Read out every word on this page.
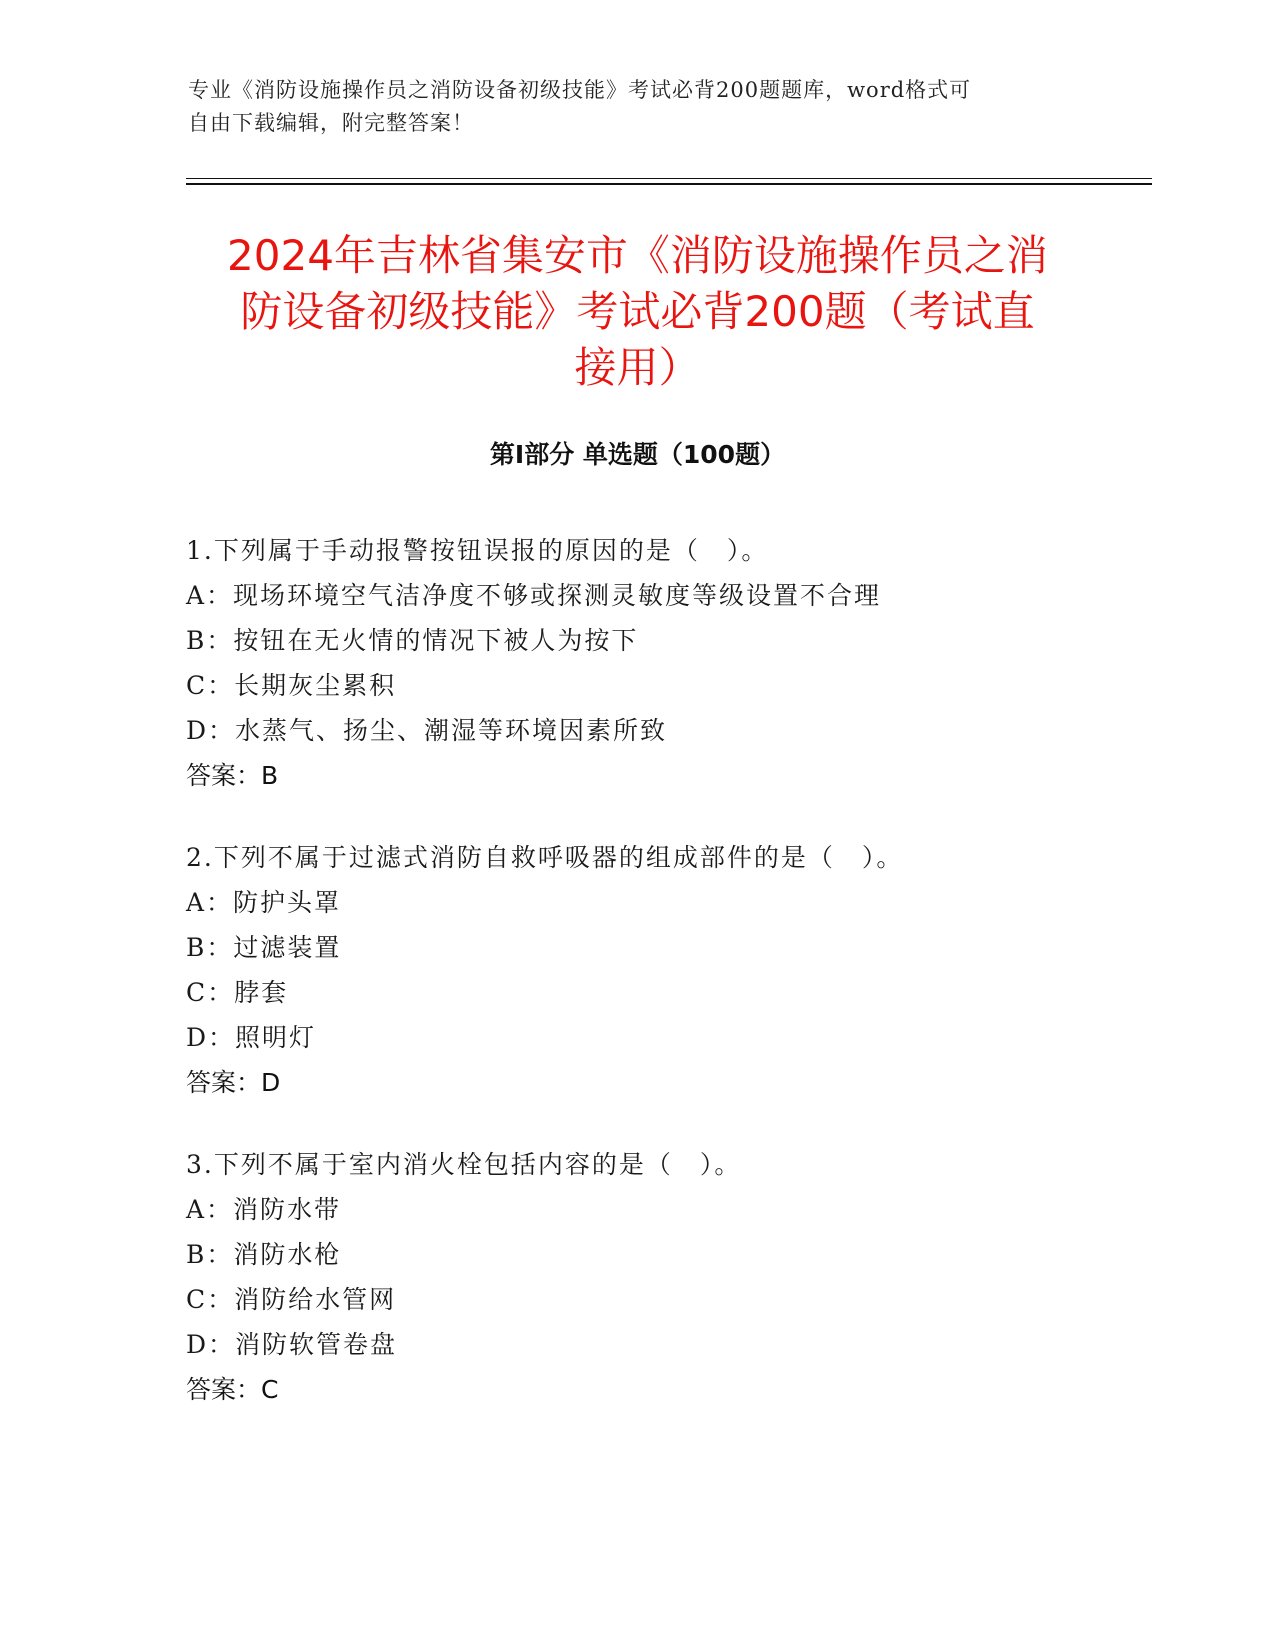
专业《消防设施操作员之消防设备初级技能》考试必背200题题库，word格式可
自由下载编辑，附完整答案！
2024年吉林省集安市《消防设施操作员之消
防设备初级技能》考试必背200题（考试直
接用）
第Ⅰ部分 单选题（100题）
1.下列属于手动报警按钮误报的原因的是（　）。
A：现场环境空气洁净度不够或探测灵敏度等级设置不合理
B：按钮在无火情的情况下被人为按下
C：长期灰尘累积
D：水蒸气、扬尘、潮湿等环境因素所致
答案：B
2.下列不属于过滤式消防自救呼吸器的组成部件的是（　）。
A：防护头罩
B：过滤装置
C：脖套
D：照明灯
答案：D
3.下列不属于室内消火栓包括内容的是（　）。
A：消防水带
B：消防水枪
C：消防给水管网
D：消防软管卷盘
答案：C
